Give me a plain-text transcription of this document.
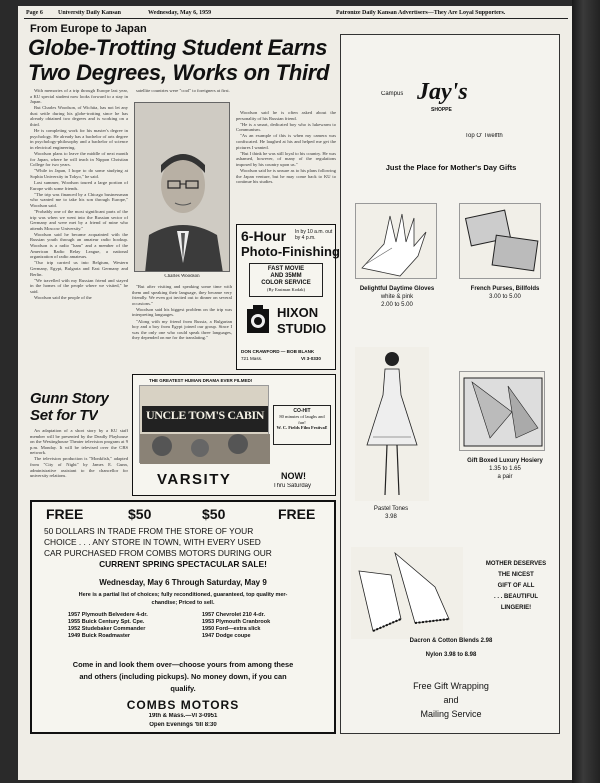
Page 6	University Daily Kansan	Wednesday, May 6, 1959	Patronize Daily Kansan Advertisers—They Are Loyal Supporters.
From Europe to Japan
Globe-Trotting Student Earns
Two Degrees, Works on Third

With memories of a trip through Europe last year, a KU special student now looks forward to a stay in Japan.

But Charles Woodson, of Wichita, has not let any dust settle during his globe-trotting since he has already obtained two degrees and is working on a third.

He is completing work for his master's degree in psychology. He already has a bachelor of arts degree in psychology-philosophy and a bachelor of science in electrical engineering.

Woodson plans to leave the middle of next month for Japan, where he will teach in Nippon Christian College for two years.

"While in Japan, I hope to do some studying at Sophia University in Tokyo," he said.

Last summer, Woodson toured a large portion of Europe with some friends.

"The trip was financed by a Chicago businessman who wanted me to take his son through Europe," Woodson said.

"Probably one of the most significant parts of the trip was when we went into the Russian sector of Germany and were met by a friend of mine who attends Moscow University."

Woodson said he became acquainted with the Russian youth through an amateur radio hookup. Woodson is a radio "ham" and a member of the American Radio Relay League, a national organization of radio amateurs.

"Our trip carried us into Belgium, Western Germany, Egypt, Bulgaria and East Germany and Berlin.

"We travelled with my Russian friend and stayed in the homes of the people where we visited," he said.

Woodson said the people of the

satellite countries were "cool" to foreigners at first.

Charles Woodson

"But after visiting and speaking some time with them and speaking their language, they became very friendly. We even got invited out to dinner on several occasions."

Woodson said his biggest problem on the trip was interpreting languages.

"Along with my friend from Russia, a Bulgarian boy and a boy from Egypt joined our group. Since I was the only one who could speak three languages, they depended on me for the translating."

Woodson said he is often asked about the personality of his Russian friend.

"He is a smart, dedicated boy who is lukewarm to Communism.

"As an example of this is when my camera was confiscated. He laughed at his and helped me get the pictures I wanted.

"But I think he was still loyal to his country. He was ashamed, however, of many of the regulations imposed by his country upon us."

Woodson said he is unsure as to his plans following the Japan venture, but he may come back to KU to continue his studies.

6-Hour In by 10 a.m. out by 4 p.m.
Photo-Finishing
FAST MOVIE
AND 35MM
COLOR SERVICE
(By Eastman Kodak)
HIXON
STUDIO
DON CRAWFORD — BOB BLANK
721 Mass.	VI 3-0330
Gunn Story
Set for TV

An adaptation of a short story by a KU staff member will be presented by the Deadly Playhouse on the Westinghouse Theater television program at 9 p.m. Monday. It will be televised over the CBS network.

The television production is "Monkfish," adapted from "City of Night" by James E. Gunn, administrative assistant to the chancellor for university relations.

THE GREATEST HUMAN DRAMA EVER FILMED!
UNCLE TOM'S CABIN	CO-HIT
80 minutes of laughs and fun!
W. C. Fields Film Festival!
VARSITY	NOW!
Thru Saturday
FREE	$50	$50	FREE
50 DOLLARS IN TRADE FROM THE STORE OF YOUR
CHOICE . . . ANY STORE IN TOWN, WITH EVERY USED
CAR PURCHASED FROM COMBS MOTORS DURING OUR
CURRENT SPRING SPECTACULAR SALE!
Wednesday, May 6 Through Saturday, May 9
Here is a partial list of choices; fully reconditioned, guaranteed, top quality mer-
chandise; Priced to sell.
1957 Plymouth Belvedere 4-dr.
1955 Buick Century Spt. Cpe.
1952 Studebaker Commander
1949 Buick Roadmaster
1957 Chevrolet 210 4-dr.
1953 Plymouth Cranbrook
1950 Ford—extra slick
1947 Dodge coupe
Come in and look them over—choose yours from among these
and others (including pickups). No money down, if you can
qualify.
COMBS MOTORS
19th & Mass.—VI 3-0951
Open Evenings 'till 8:30
Campus Jay's
SHOPPE
Top O' Twelfth
Just the Place for Mother's Day Gifts
Delightful Daytime Gloves
white & pink
2.00 to 5.00
French Purses, Billfolds
3.00 to 5.00
Gift Boxed Luxury Hosiery
1.35 to 1.65
a pair
Pastel Tones
3.98
MOTHER DESERVES
THE NICEST
GIFT OF ALL
. . . BEAUTIFUL
LINGERIE!
Dacron & Cotton Blends 2.98
Nylon 3.98 to 8.98
Free Gift Wrapping
and
Mailing Service
